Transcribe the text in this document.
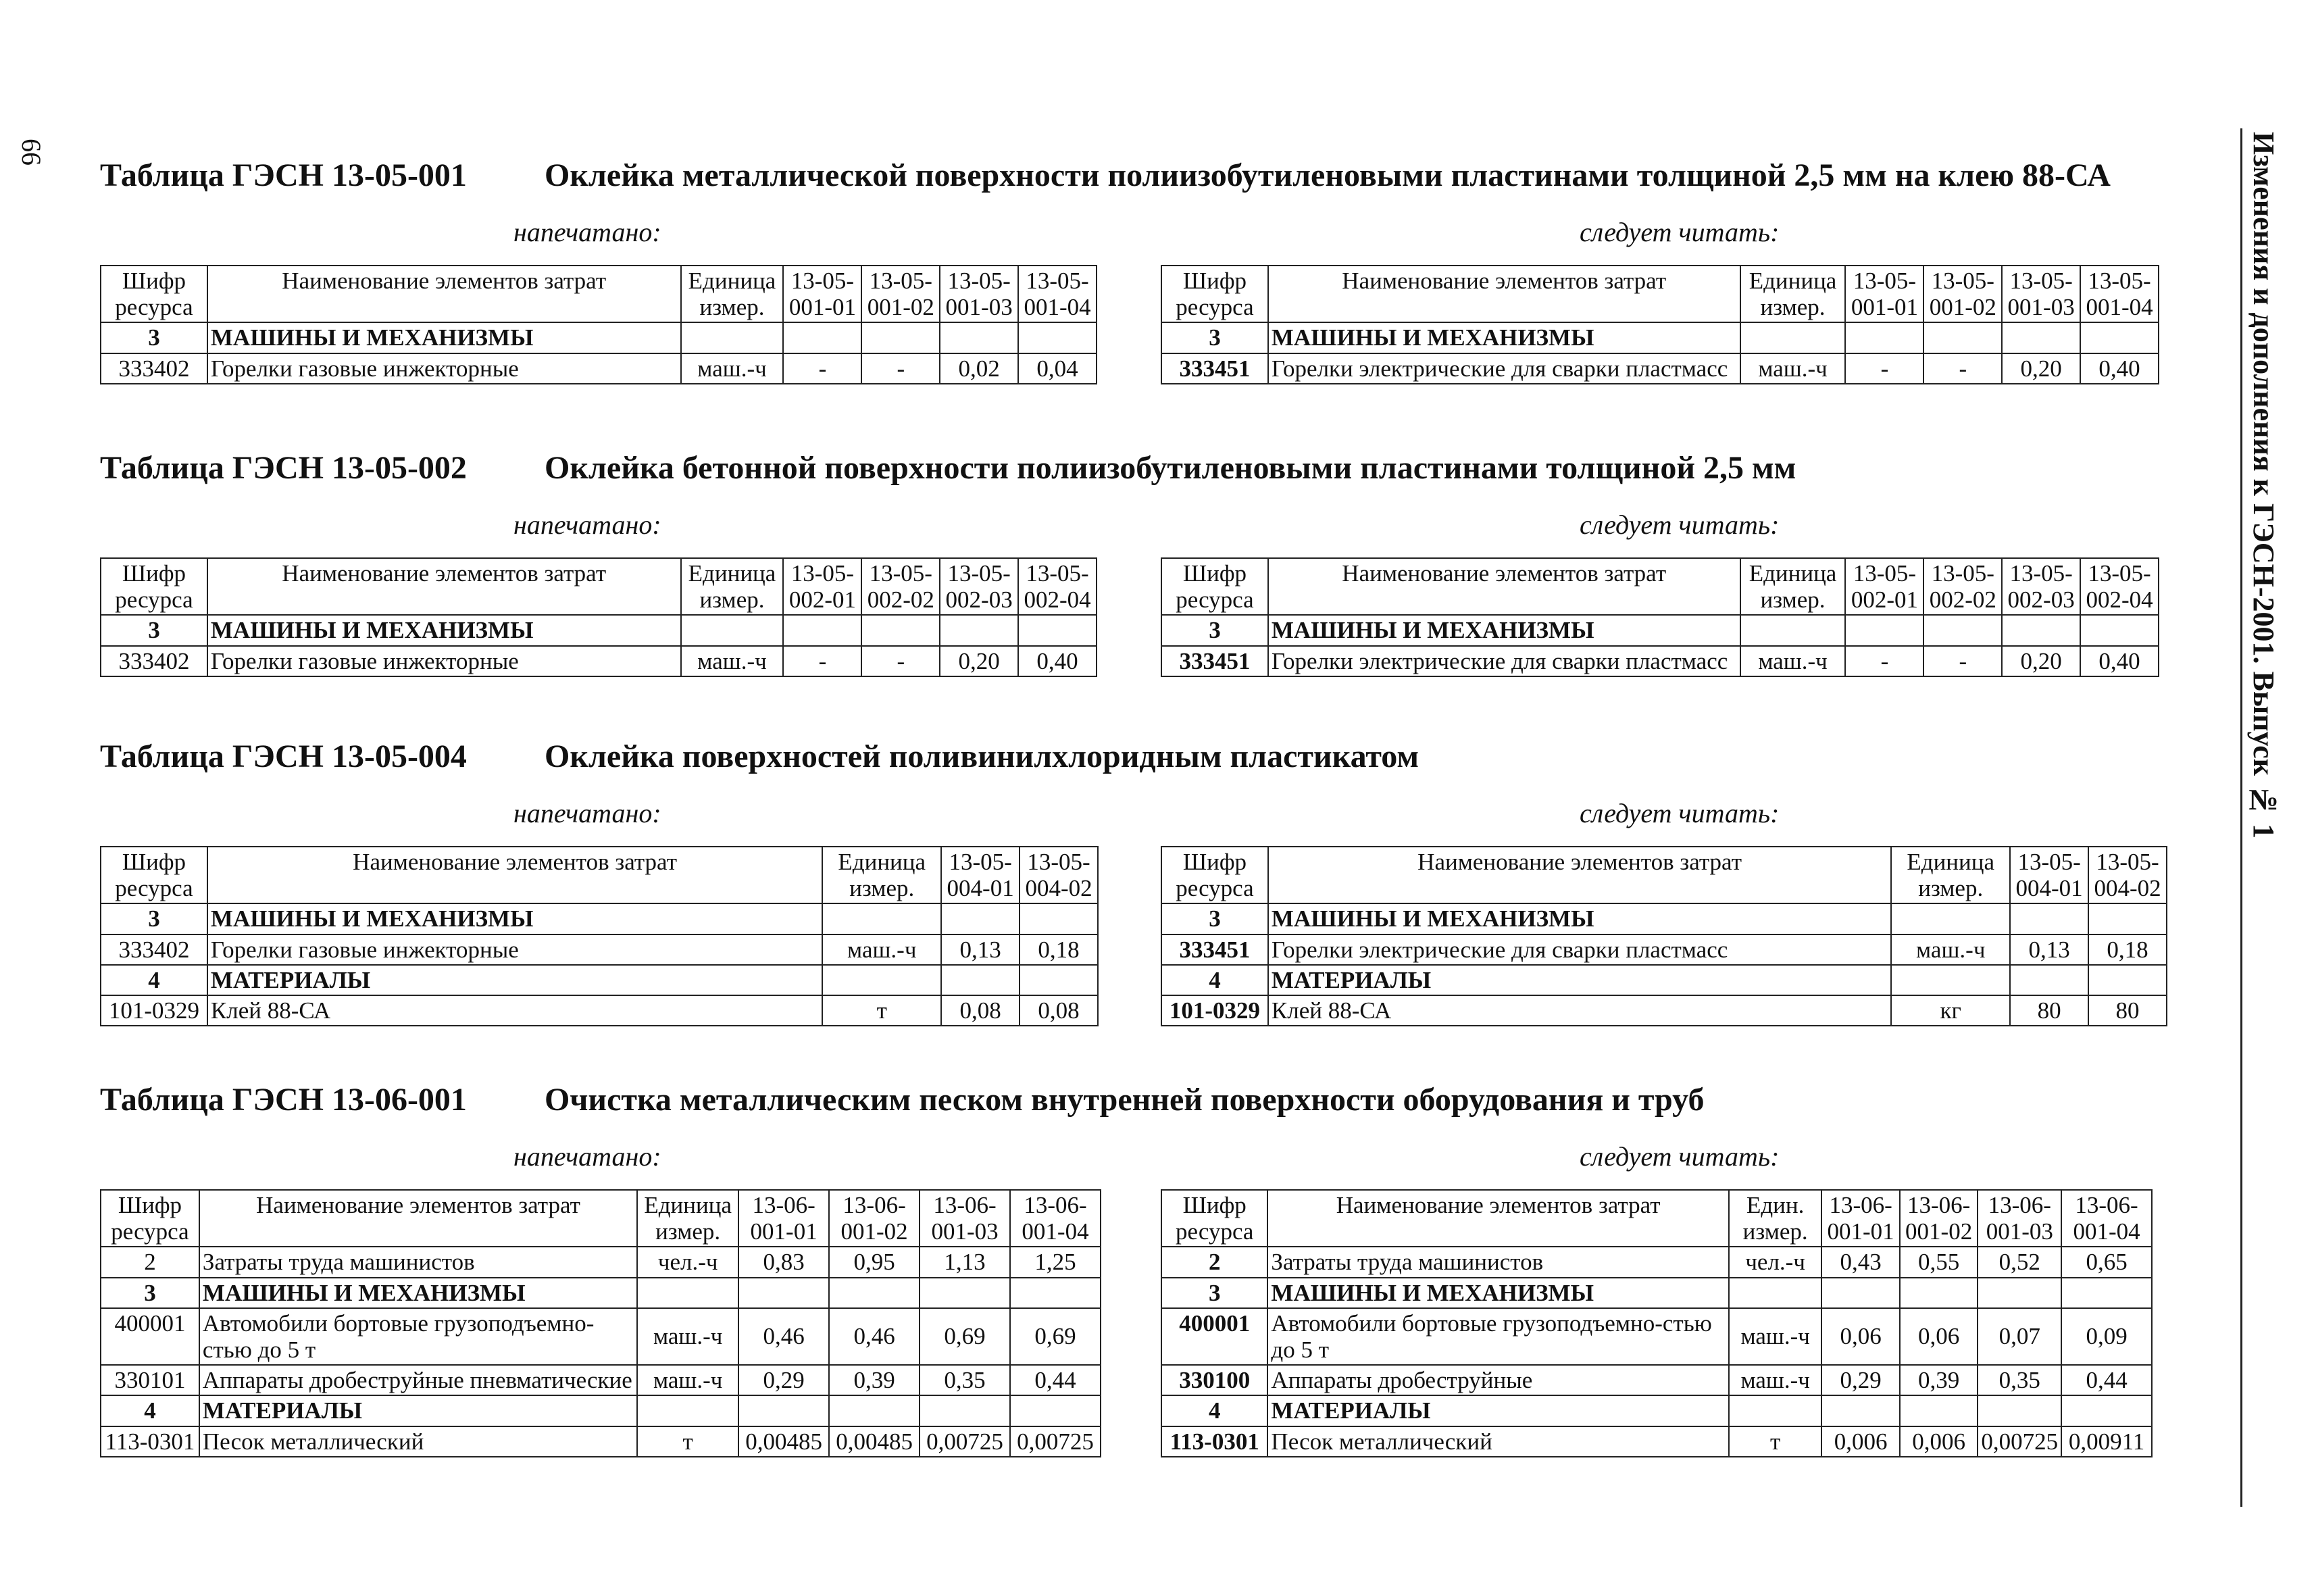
66	Изменения и дополнения к ГЭСН-2001. Выпуск № 1
Таблица ГЭСН 13-05-001 Оклейка металлической поверхности полиизобутиленовыми пластинами толщиной 2,5 мм на клею 88-СА
напечатано:	следует читать:
Шифр ресурса	Наименование элементов затрат	Единица измер.	13-05-001-01	13-05-001-02	13-05-001-03	13-05-001-04
3	МАШИНЫ И МЕХАНИЗМЫ					
333402	Горелки газовые инжекторные	маш.-ч	-	-	0,02	0,04
Шифр ресурса	Наименование элементов затрат	Единица измер.	13-05-001-01	13-05-001-02	13-05-001-03	13-05-001-04
3	МАШИНЫ И МЕХАНИЗМЫ					
333451	Горелки электрические для сварки пластмасс	маш.-ч	-	-	0,20	0,40
Таблица ГЭСН 13-05-002 Оклейка бетонной поверхности полиизобутиленовыми пластинами толщиной 2,5 мм
напечатано:	следует читать:
Шифр ресурса	Наименование элементов затрат	Единица измер.	13-05-002-01	13-05-002-02	13-05-002-03	13-05-002-04
3	МАШИНЫ И МЕХАНИЗМЫ					
333402	Горелки газовые инжекторные	маш.-ч	-	-	0,20	0,40
Шифр ресурса	Наименование элементов затрат	Единица измер.	13-05-002-01	13-05-002-02	13-05-002-03	13-05-002-04
3	МАШИНЫ И МЕХАНИЗМЫ					
333451	Горелки электрические для сварки пластмасс	маш.-ч	-	-	0,20	0,40
Таблица ГЭСН 13-05-004 Оклейка поверхностей поливинилхлоридным пластикатом
напечатано:	следует читать:
Шифр ресурса	Наименование элементов затрат	Единица измер.	13-05-004-01	13-05-004-02
3	МАШИНЫ И МЕХАНИЗМЫ			
333402	Горелки газовые инжекторные	маш.-ч	0,13	0,18
4	МАТЕРИАЛЫ			
101-0329	Клей 88-СА	т	0,08	0,08
Шифр ресурса	Наименование элементов затрат	Единица измер.	13-05-004-01	13-05-004-02
3	МАШИНЫ И МЕХАНИЗМЫ			
333451	Горелки электрические для сварки пластмасс	маш.-ч	0,13	0,18
4	МАТЕРИАЛЫ			
101-0329	Клей 88-СА	кг	80	80
Таблица ГЭСН 13-06-001 Очистка металлическим песком внутренней поверхности оборудования и труб
напечатано:	следует читать:
Шифр ресурса	Наименование элементов затрат	Единица измер.	13-06-001-01	13-06-001-02	13-06-001-03	13-06-001-04
2	Затраты труда машинистов	чел.-ч	0,83	0,95	1,13	1,25
3	МАШИНЫ И МЕХАНИЗМЫ					
400001	Автомобили бортовые грузоподъемно-стью до 5 т	маш.-ч	0,46	0,46	0,69	0,69
330101	Аппараты дробеструйные пневматические	маш.-ч	0,29	0,39	0,35	0,44
4	МАТЕРИАЛЫ					
113-0301	Песок металлический	т	0,00485	0,00485	0,00725	0,00725
Шифр ресурса	Наименование элементов затрат	Един. измер.	13-06-001-01	13-06-001-02	13-06-001-03	13-06-001-04
2	Затраты труда машинистов	чел.-ч	0,43	0,55	0,52	0,65
3	МАШИНЫ И МЕХАНИЗМЫ					
400001	Автомобили бортовые грузоподъемно-стью до 5 т	маш.-ч	0,06	0,06	0,07	0,09
330100	Аппараты дробеструйные	маш.-ч	0,29	0,39	0,35	0,44
4	МАТЕРИАЛЫ					
113-0301	Песок металлический	т	0,006	0,006	0,00725	0,00911
